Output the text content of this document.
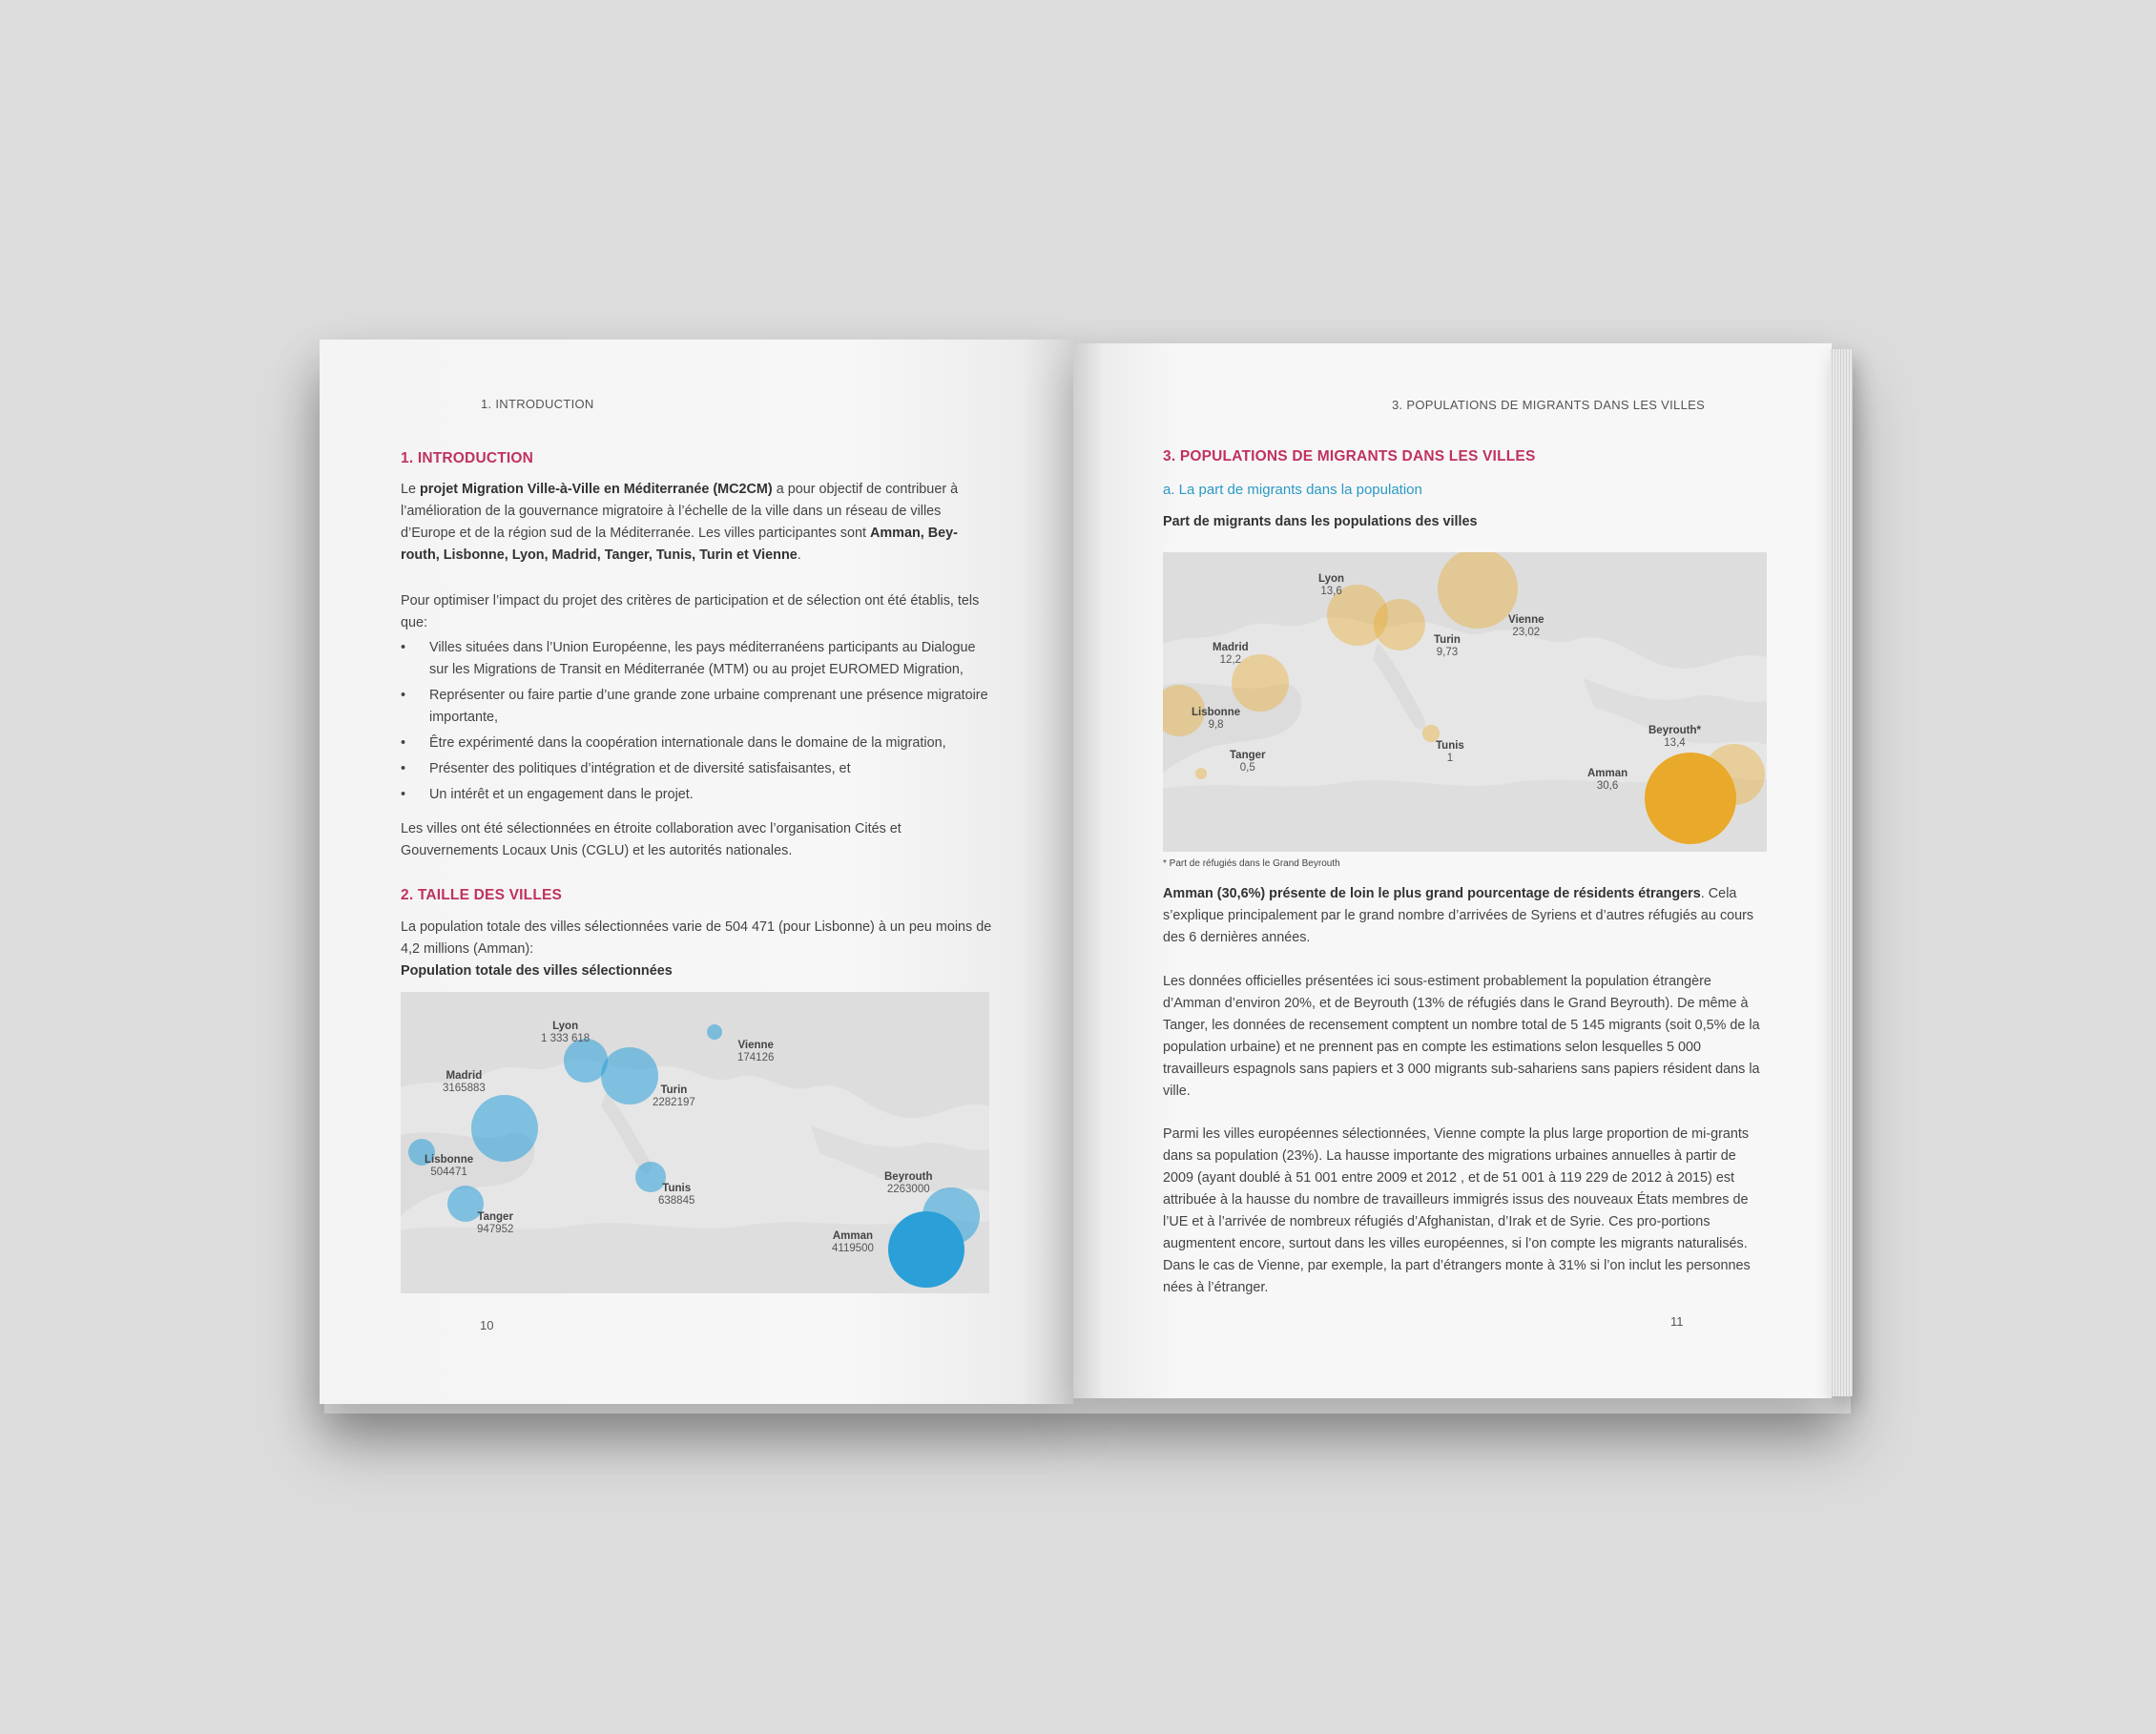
1. INTRODUCTION
1. INTRODUCTION
Le projet Migration Ville-à-Ville en Méditerranée (MC2CM) a pour objectif de contribuer à l’amélioration de la gouvernance migratoire à l’échelle de la ville dans un réseau de villes d’Europe et de la région sud de la Méditerranée. Les villes participantes sont Amman, Bey-routh, Lisbonne, Lyon, Madrid, Tanger, Tunis, Turin et Vienne.
Pour optimiser l’impact du projet des critères de participation et de sélection ont été établis, tels que:
• Villes situées dans l’Union Européenne, les pays méditerranéens participants au Dialogue sur les Migrations de Transit en Méditerranée (MTM) ou au projet EUROMED Migration,
• Représenter ou faire partie d’une grande zone urbaine comprenant une présence migratoire importante,
• Être expérimenté dans la coopération internationale dans le domaine de la migration,
• Présenter des politiques d’intégration et de diversité satisfaisantes, et
• Un intérêt et un engagement dans le projet.
Les villes ont été sélectionnées en étroite collaboration avec l’organisation Cités et Gouvernements Locaux Unis (CGLU) et les autorités nationales.
2. TAILLE DES VILLES
La population totale des villes sélectionnées varie de 504 471 (pour Lisbonne) à un peu moins de 4,2 millions (Amman):
Population totale des villes sélectionnées
Lyon
1 333 618
Vienne
174126
Madrid
3165883	Turin
2282197
Lisbonne
504471
Tunis
638845
Beyrouth
2263000
Tanger
947952
Amman
4119500
10
3. POPULATIONS DE MIGRANTS DANS LES VILLES
3. POPULATIONS DE MIGRANTS DANS LES VILLES
a. La part de migrants dans la population
Part de migrants dans les populations des villes
Lyon
13,6
Vienne
23,02
Madrid
12,2
Turin
9,73
Lisbonne
9,8	Beyrouth*
13,4
Tanger
0,5
Tunis
1
Amman
30,6
* Part de réfugiés dans le Grand Beyrouth
Amman (30,6%) présente de loin le plus grand pourcentage de résidents étrangers. Cela s’explique principalement par le grand nombre d’arrivées de Syriens et d’autres réfugiés au cours des 6 dernières années.
Les données officielles présentées ici sous-estiment probablement la population étrangère d’Amman d’environ 20%, et de Beyrouth (13% de réfugiés dans le Grand Beyrouth). De même à Tanger, les données de recensement comptent un nombre total de 5 145 migrants (soit 0,5% de la population urbaine) et ne prennent pas en compte les estimations selon lesquelles 5 000 travailleurs espagnols sans papiers et 3 000 migrants sub-sahariens sans papiers résident dans la ville.
Parmi les villes européennes sélectionnées, Vienne compte la plus large proportion de mi-grants dans sa population (23%). La hausse importante des migrations urbaines annuelles à partir de 2009 (ayant doublé à 51 001 entre 2009 et 2012 , et de 51 001 à 119 229 de 2012 à 2015) est attribuée à la hausse du nombre de travailleurs immigrés issus des nouveaux États membres de l’UE et à l’arrivée de nombreux réfugiés d’Afghanistan, d’Irak et de Syrie. Ces pro-portions augmentent encore, surtout dans les villes européennes, si l’on compte les migrants naturalisés. Dans le cas de Vienne, par exemple, la part d’étrangers monte à 31% si l’on inclut les personnes nées à l’étranger.
11
